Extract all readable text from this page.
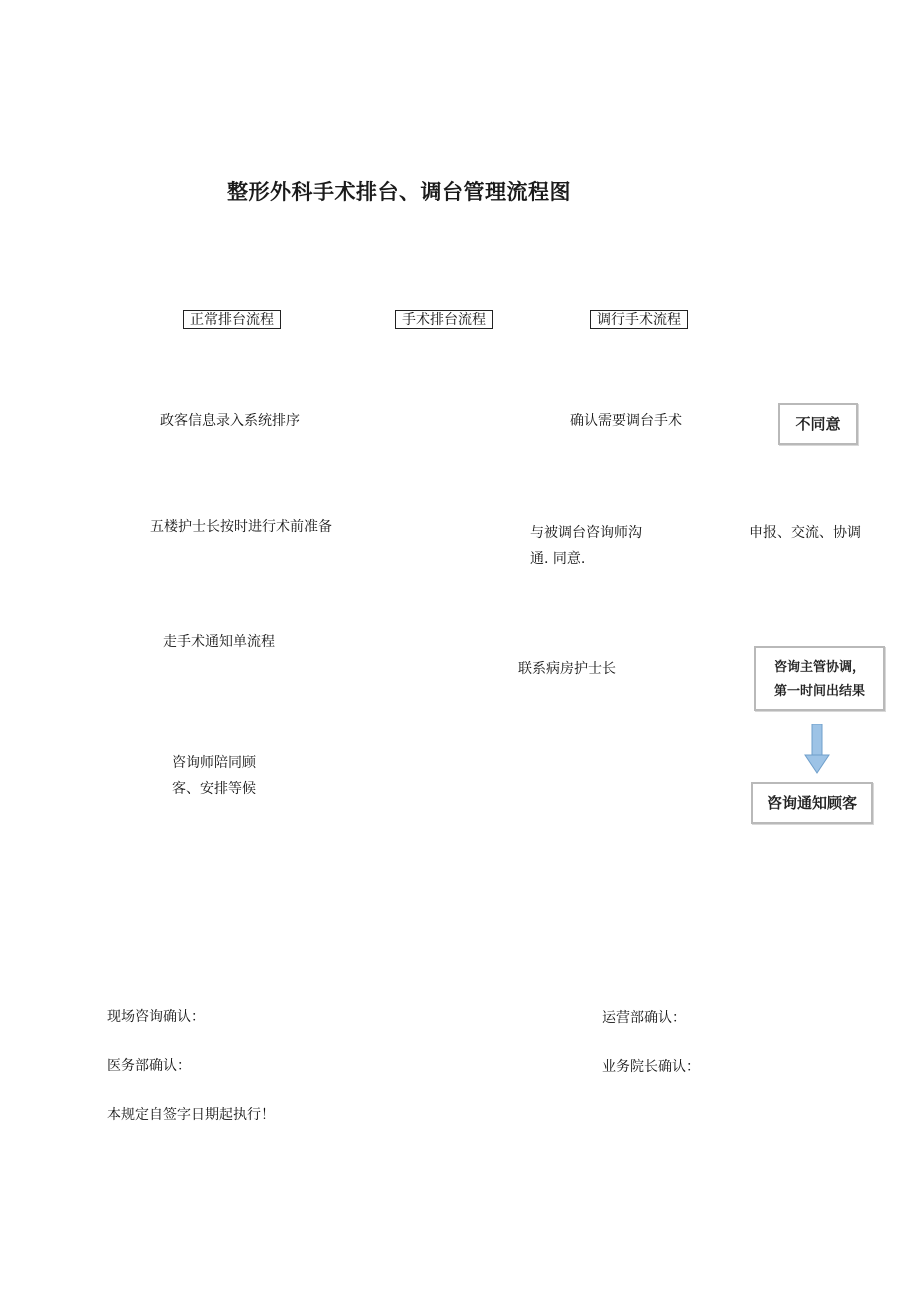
整形外科手术排台、调台管理流程图
正常排台流程	手术排台流程	调行手术流程
政客信息录入系统排序
五楼护士长按时进行术前准备
走手术通知单流程
咨询师陪同顾
客、安排等候
确认需要调台手术
与被调台咨询师沟
通. 同意.
联系病房护士长
不同意
申报、交流、协调
咨询主管协调，
第一时间出结果
咨询通知顾客
现场咨询确认：	运营部确认：
医务部确认：	业务院长确认：
本规定自签字日期起执行！
